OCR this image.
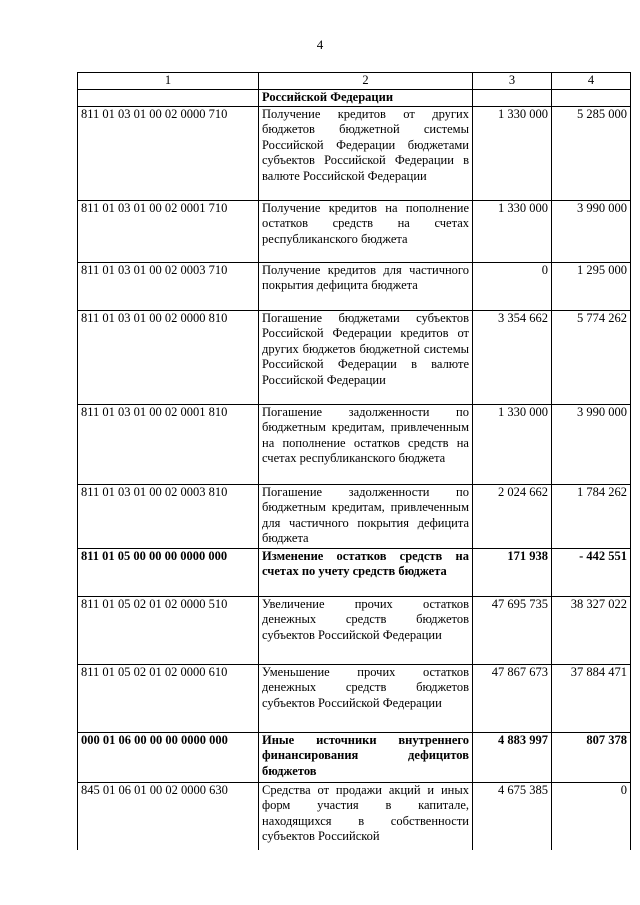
4
1	2	3	4
	Российской Федерации		
811 01 03 01 00 02 0000 710	Получение кредитов от других бюджетов бюджетной системы Российской Федерации бюджетами субъектов Российской Федерации в валюте Российской Федерации	1 330 000	5 285 000
811 01 03 01 00 02 0001 710	Получение кредитов на пополнение остатков средств на счетах республиканского бюджета	1 330 000	3 990 000
811 01 03 01 00 02 0003 710	Получение кредитов для частичного покрытия дефицита бюджета	0	1 295 000
811 01 03 01 00 02 0000 810	Погашение бюджетами субъектов Российской Федерации кредитов от других бюджетов бюджетной системы Российской Федерации в валюте Российской Федерации	3 354 662	5 774 262
811 01 03 01 00 02 0001 810	Погашение задолженности по бюджетным кредитам, привлеченным на пополнение остатков средств на счетах республиканского бюджета	1 330 000	3 990 000
811 01 03 01 00 02 0003 810	Погашение задолженности по бюджетным кредитам, привлеченным для частичного покрытия дефицита бюджета	2 024 662	1 784 262
811 01 05 00 00 00 0000 000	Изменение остатков средств на счетах по учету средств бюджета	171 938	- 442 551
811 01 05 02 01 02 0000 510	Увеличение прочих остатков денежных средств бюджетов субъектов Российской Федерации	47 695 735	38 327 022
811 01 05 02 01 02 0000 610	Уменьшение прочих остатков денежных средств бюджетов субъектов Российской Федерации	47 867 673	37 884 471
000 01 06 00 00 00 0000 000	Иные источники внутреннего финансирования дефицитов бюджетов	4 883 997	807 378
845 01 06 01 00 02 0000 630	Средства от продажи акций и иных форм участия в капитале, находящихся в собственности субъектов Российской	4 675 385	0
